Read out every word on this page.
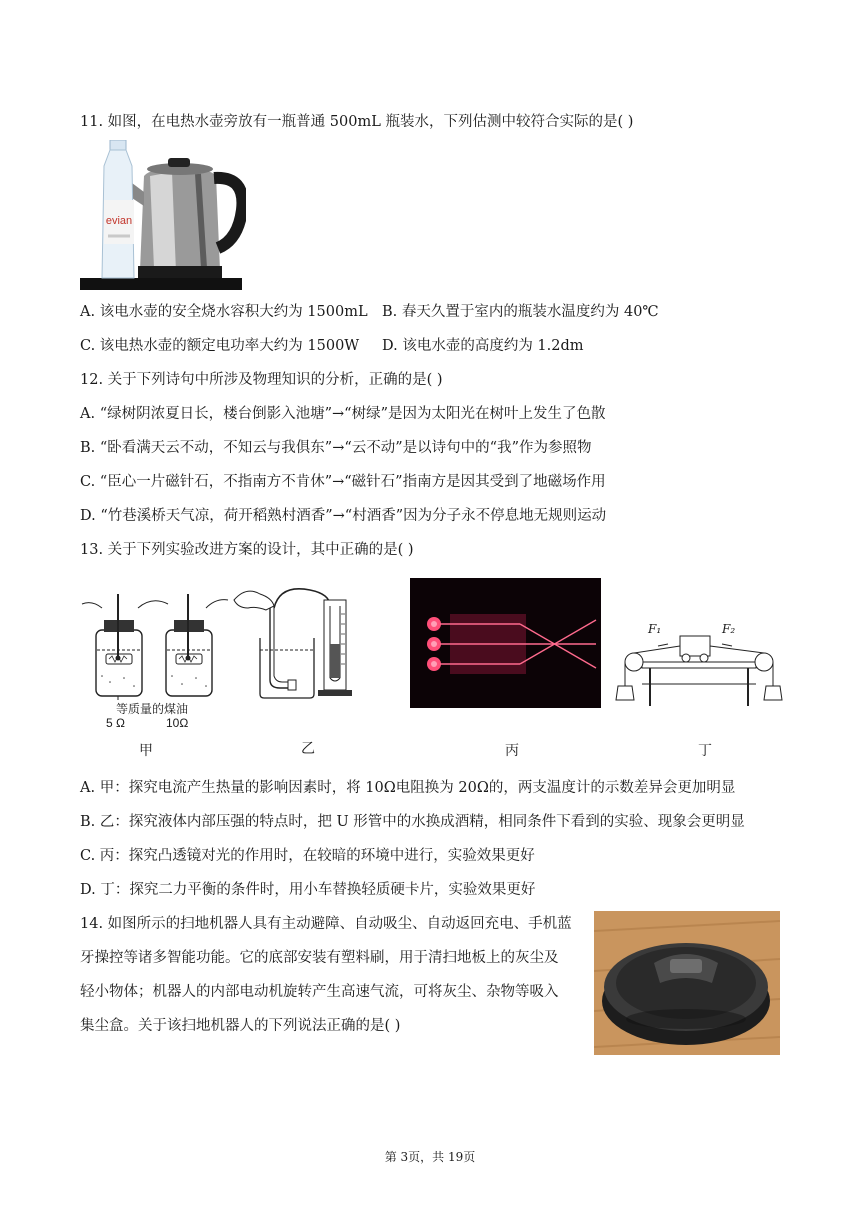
11. 如图，在电热水壶旁放有一瓶普通 500mL 瓶装水，下列估测中较符合实际的是( )
evian
A. 该电水壶的安全烧水容积大约为 1500mL B. 春天久置于室内的瓶装水温度约为 40℃
C. 该电热水壶的额定电功率大约为 1500W D. 该电水壶的高度约为 1.2dm
12. 关于下列诗句中所涉及物理知识的分析，正确的是( )
A. “绿树阴浓夏日长，楼台倒影入池塘”→“树绿”是因为太阳光在树叶上发生了色散
B. “卧看满天云不动，不知云与我俱东”→“云不动”是以诗句中的“我”作为参照物
C. “臣心一片磁针石，不指南方不肯休”→“磁针石”指南方是因其受到了地磁场作用
D. “竹巷溪桥天气凉，荷开稻熟村酒香”→“村酒香”因为分子永不停息地无规则运动
13. 关于下列实验改进方案的设计，其中正确的是( )
等质量的煤油
5 Ω	10Ω
F₁	F₂
甲	乙	丙	丁
A. 甲：探究电流产生热量的影响因素时，将 10Ω电阻换为 20Ω的，两支温度计的示数差异会更加明显
B. 乙：探究液体内部压强的特点时，把 U 形管中的水换成酒精，相同条件下看到的实验、现象会更明显
C. 丙：探究凸透镜对光的作用时，在较暗的环境中进行，实验效果更好
D. 丁：探究二力平衡的条件时，用小车替换轻质硬卡片，实验效果更好
14. 如图所示的扫地机器人具有主动避障、自动吸尘、自动返回充电、手机蓝
牙操控等诸多智能功能。它的底部安装有塑料刷，用于清扫地板上的灰尘及
轻小物体；机器人的内部电动机旋转产生高速气流，可将灰尘、杂物等吸入
集尘盒。关于该扫地机器人的下列说法正确的是( )
第 3页，共 19页
